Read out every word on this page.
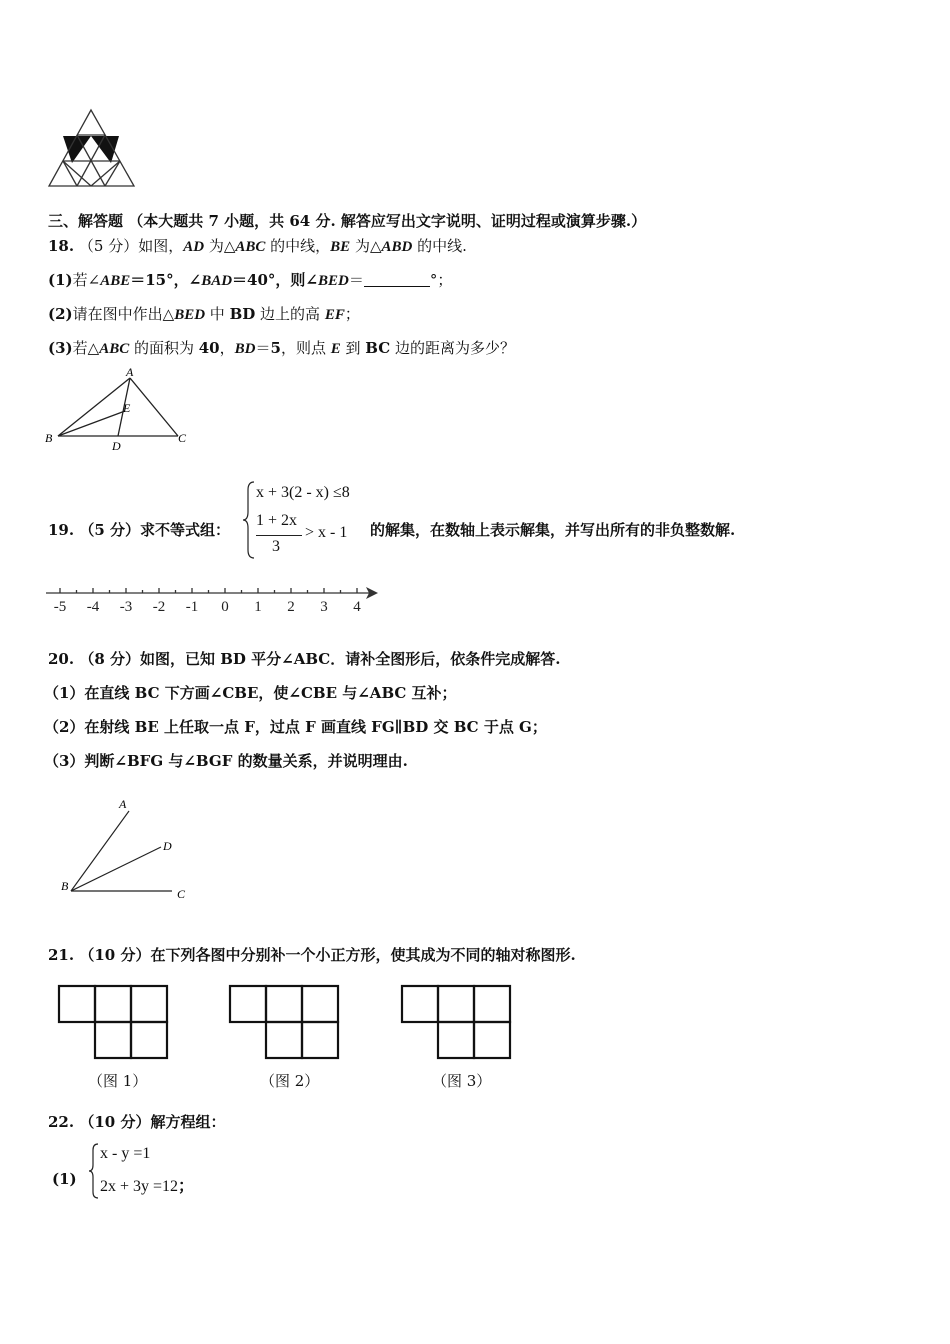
三、解答题 （本大题共 7 小题，共 64 分. 解答应写出文字说明、证明过程或演算步骤.）
18. （5 分）如图，AD 为△ABC 的中线，BE 为△ABD 的中线.
(1)若∠ABE＝15°，∠BAD＝40°，则∠BED＝	°；
(2)请在图中作出△BED 中 BD 边上的高 EF；
(3)若△ABC 的面积为 40，BD＝5，则点 E 到 BC 边的距离为多少？
A
E
B
D
C
19. （5 分）求不等式组：
x + 3(2 - x) ≤8
1 + 2x
3
> x - 1 的解集，在数轴上表示解集，并写出所有的非负整数解.
-5 -4 -3 -2 -1 0 1 2 3 4
20. （8 分）如图，已知 BD 平分∠ABC．请补全图形后，依条件完成解答.
（1）在直线 BC 下方画∠CBE，使∠CBE 与∠ABC 互补；
（2）在射线 BE 上任取一点 F，过点 F 画直线 FG∥BD 交 BC 于点 G；
（3）判断∠BFG 与∠BGF 的数量关系，并说明理由.
A
D
B
C
21. （10 分）在下列各图中分别补一个小正方形，使其成为不同的轴对称图形.
（图 1）	（图 2）	（图 3）
22. （10 分）解方程组：
(1)
x - y =1
2x + 3y =12；
